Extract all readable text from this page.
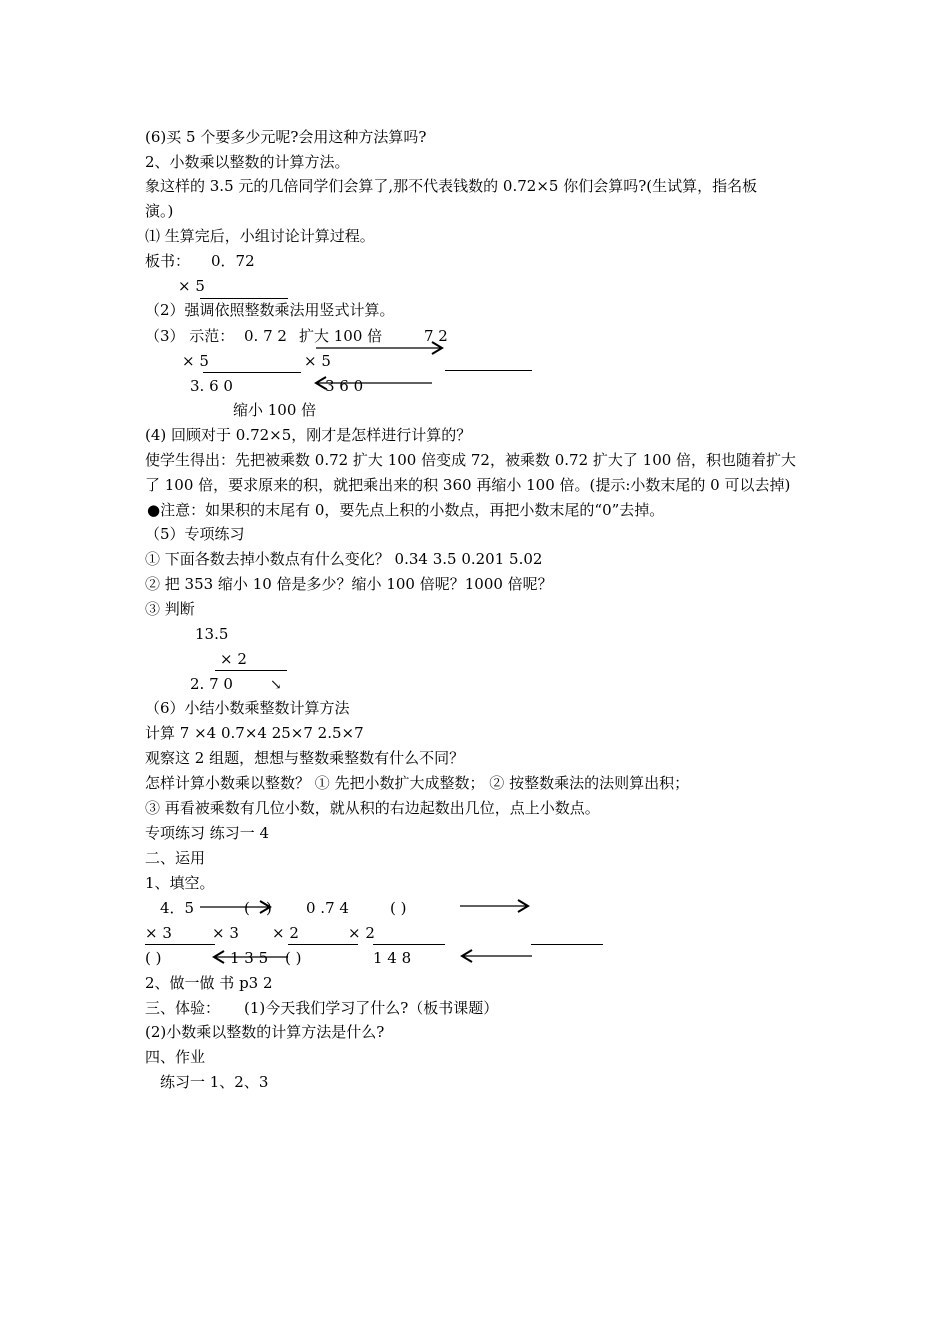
(6)买 5 个要多少元呢?会用这种方法算吗?
2、小数乘以整数的计算方法。
象这样的 3.5 元的几倍同学们会算了,那不代表钱数的 0.72×5 你们会算吗?(生试算，指名板
演。)
⑴ 生算完后，小组讨论计算过程。
板书： 0．72
× 5
（2）强调依照整数乘法用竖式计算。
（3） 示范： 0. 7 2 扩大 100 倍	7 2
× 5	× 5
3. 6 0	3 6 0
缩小 100 倍
(4) 回顾对于 0.72×5，刚才是怎样进行计算的？
使学生得出：先把被乘数 0.72 扩大 100 倍变成 72，被乘数 0.72 扩大了 100 倍，积也随着扩大
了 100 倍，要求原来的积，就把乘出来的积 360 再缩小 100 倍。(提示:小数末尾的 0 可以去掉)
●注意：如果积的末尾有 0，要先点上积的小数点，再把小数末尾的“0”去掉。
（5）专项练习
① 下面各数去掉小数点有什么变化？ 0.34 3.5 0.201 5.02
② 把 353 缩小 10 倍是多少？缩小 100 倍呢？1000 倍呢？
③ 判断
13.5
× 2
2. 7 0	↘
（6）小结小数乘整数计算方法
计算 7 ×4 0.7×4 25×7 2.5×7
观察这 2 组题，想想与整数乘整数有什么不同？
怎样计算小数乘以整数？ ① 先把小数扩大成整数； ② 按整数乘法的法则算出积；
③ 再看被乘数有几位小数，就从积的右边起数出几位，点上小数点。
专项练习 练习一 4
二、运用
1、填空。
4．5	( ) 0 .7 4	( )
× 3	× 3 × 2	× 2
( )	1 3 5 ( )	1 4 8
2、做一做 书 p3 2
三、体验： (1)今天我们学习了什么?（板书课题）
(2)小数乘以整数的计算方法是什么?
四、作业
练习一 1、2、3
